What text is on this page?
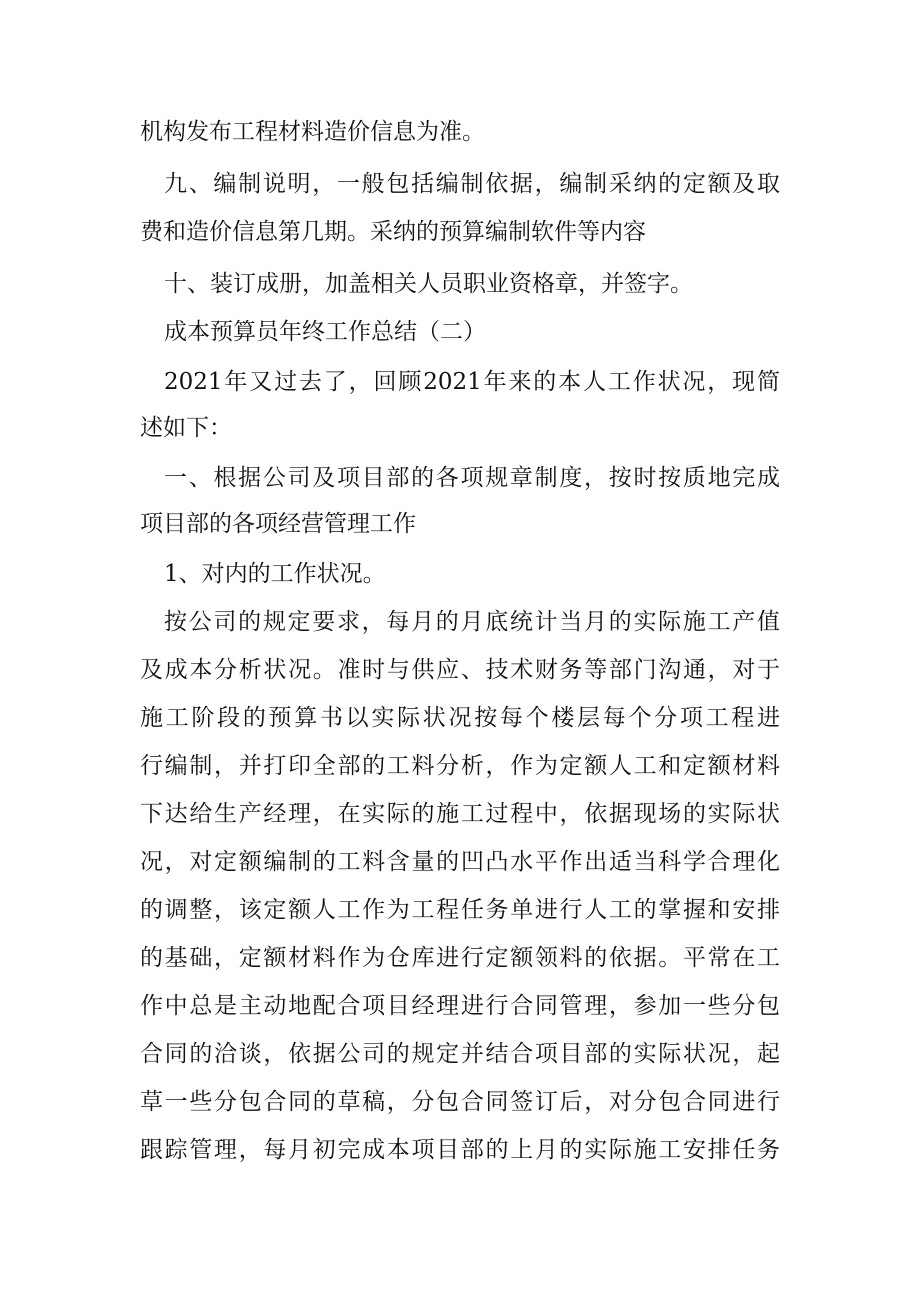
机构发布工程材料造价信息为准。
九、编制说明，一般包括编制依据，编制采纳的定额及取
费和造价信息第几期。采纳的预算编制软件等内容
十、装订成册，加盖相关人员职业资格章，并签字。
成本预算员年终工作总结（二）
2021年又过去了，回顾2021年来的本人工作状况，现简
述如下：
一、根据公司及项目部的各项规章制度，按时按质地完成
项目部的各项经营管理工作
1、对内的工作状况。
按公司的规定要求，每月的月底统计当月的实际施工产值
及成本分析状况。准时与供应、技术财务等部门沟通，对于
施工阶段的预算书以实际状况按每个楼层每个分项工程进
行编制，并打印全部的工料分析，作为定额人工和定额材料
下达给生产经理，在实际的施工过程中，依据现场的实际状
况，对定额编制的工料含量的凹凸水平作出适当科学合理化
的调整，该定额人工作为工程任务单进行人工的掌握和安排
的基础，定额材料作为仓库进行定额领料的依据。平常在工
作中总是主动地配合项目经理进行合同管理，参加一些分包
合同的洽谈，依据公司的规定并结合项目部的实际状况，起
草一些分包合同的草稿，分包合同签订后，对分包合同进行
跟踪管理，每月初完成本项目部的上月的实际施工安排任务
